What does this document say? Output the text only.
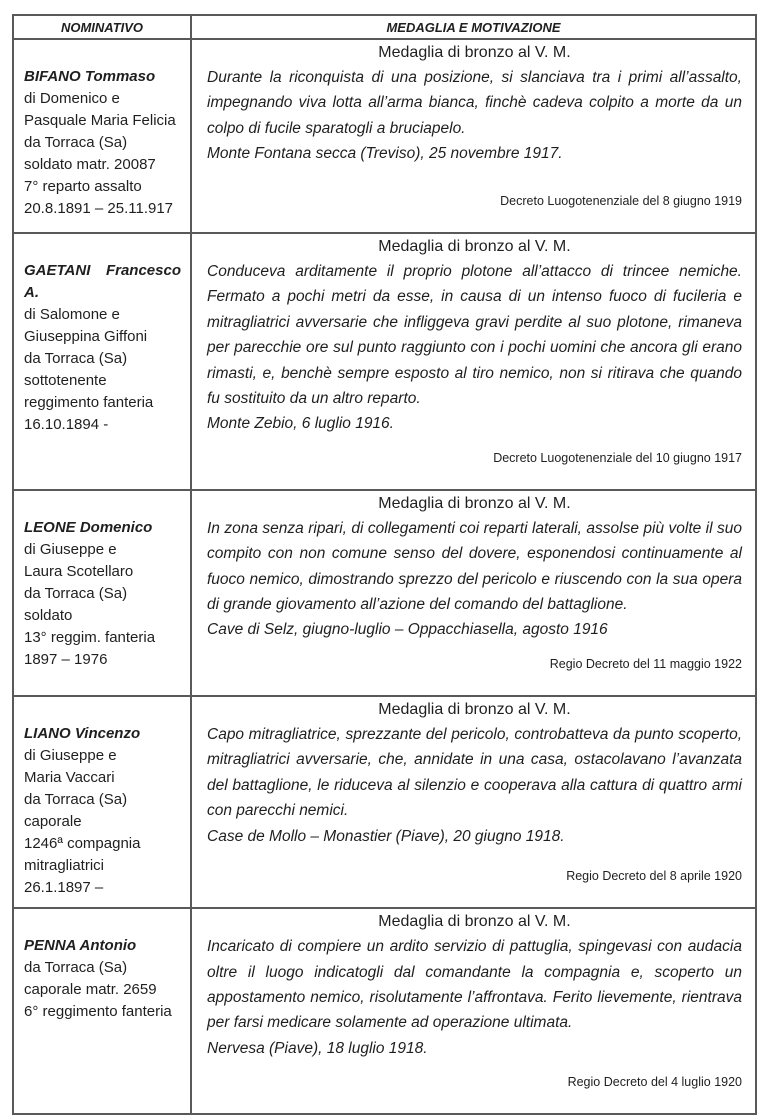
NOMINATIVO	MEDAGLIA E MOTIVAZIONE
BIFANO Tommaso
di Domenico e
Pasquale Maria Felicia
da Torraca (Sa)
soldato matr. 20087
7° reparto assalto
20.8.1891 – 25.11.917
Medaglia di bronzo al V. M.
Durante la riconquista di una posizione, si slanciava tra i primi all’assalto, impegnando viva lotta all’arma bianca, finchè cadeva colpito a morte da un colpo di fucile sparatogli a bruciapelo.
Monte Fontana secca (Treviso), 25 novembre 1917.
Decreto Luogotenenziale del 8 giugno 1919
GAETANI Francesco A.
di Salomone e
Giuseppina Giffoni
da Torraca (Sa)
sottotenente
reggimento fanteria
16.10.1894 -
Medaglia di bronzo al V. M.
Conduceva arditamente il proprio plotone all’attacco di trincee nemiche. Fermato a pochi metri da esse, in causa di un intenso fuoco di fucileria e mitragliatrici avversarie che infliggeva gravi perdite al suo plotone, rimaneva per parecchie ore sul punto raggiunto con i pochi uomini che ancora gli erano rimasti, e, benchè sempre esposto al tiro nemico, non si ritirava che quando fu sostituito da un altro reparto.
Monte Zebio, 6 luglio 1916.
Decreto Luogotenenziale del 10 giugno 1917
LEONE Domenico
di Giuseppe e
Laura Scotellaro
da Torraca (Sa)
soldato
13° reggim. fanteria
1897 – 1976
Medaglia di bronzo al V. M.
In zona senza ripari, di collegamenti coi reparti laterali, assolse più volte il suo compito con non comune senso del dovere, esponendosi continuamente al fuoco nemico, dimostrando sprezzo del pericolo e riuscendo con la sua opera di grande giovamento all’azione del comando del battaglione.
Cave di Selz, giugno-luglio – Oppacchiasella, agosto 1916
Regio Decreto del 11 maggio 1922
LIANO Vincenzo
di Giuseppe e
Maria Vaccari
da Torraca (Sa)
caporale
1246ª compagnia
mitragliatrici
26.1.1897 –
Medaglia di bronzo al V. M.
Capo mitragliatrice, sprezzante del pericolo, controbatteva da punto scoperto, mitragliatrici avversarie, che, annidate in una casa, ostacolavano l’avanzata del battaglione, le riduceva al silenzio e cooperava alla cattura di quattro armi con parecchi nemici.
Case de Mollo – Monastier (Piave), 20 giugno 1918.
Regio Decreto del 8 aprile 1920
PENNA Antonio
da Torraca (Sa)
caporale matr. 2659
6° reggimento fanteria
Medaglia di bronzo al V. M.
Incaricato di compiere un ardito servizio di pattuglia, spingevasi con audacia oltre il luogo indicatogli dal comandante la compagnia e, scoperto un appostamento nemico, risolutamente l’affrontava. Ferito lievemente, rientrava per farsi medicare solamente ad operazione ultimata.
Nervesa (Piave), 18 luglio 1918.
Regio Decreto del 4 luglio 1920
